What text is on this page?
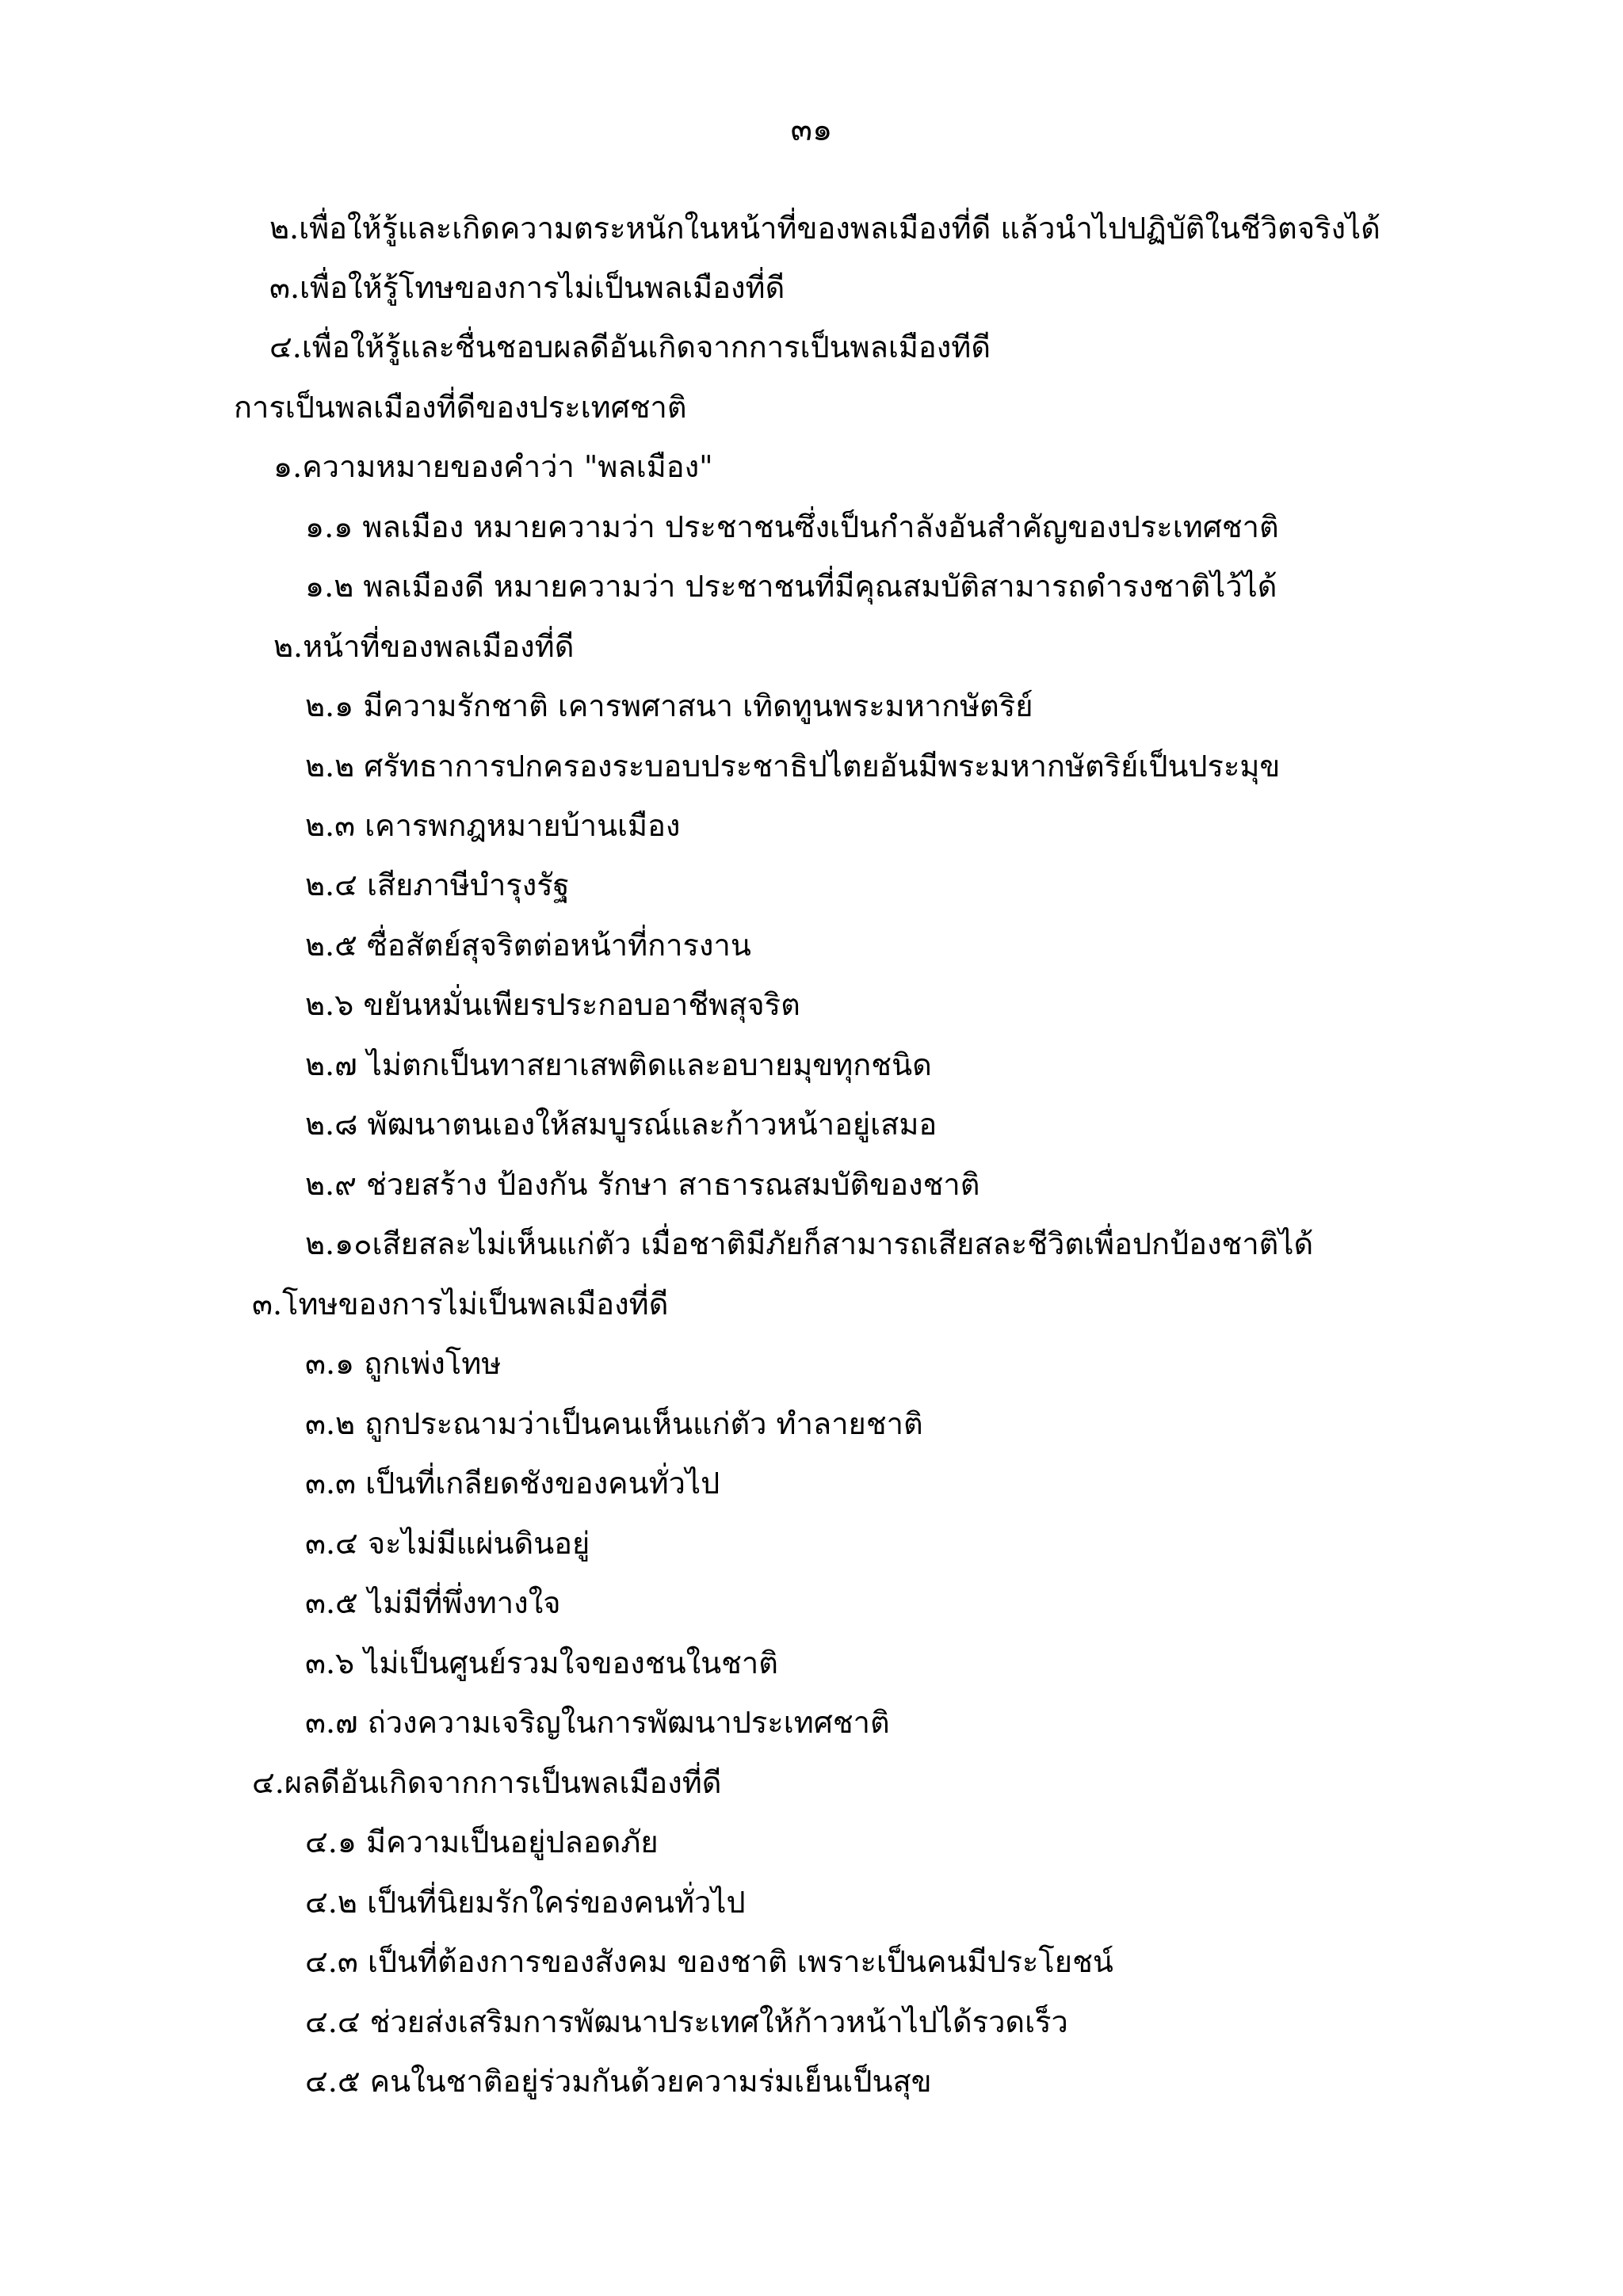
๓๑
๒.เพื่อให้รู้และเกิดความตระหนักในหน้าที่ของพลเมืองที่ดี แล้วนำไปปฏิบัติในชีวิตจริงได้
๓.เพื่อให้รู้โทษของการไม่เป็นพลเมืองที่ดี
๔.เพื่อให้รู้และชื่นชอบผลดีอันเกิดจากการเป็นพลเมืองทีดี
การเป็นพลเมืองที่ดีของประเทศชาติ
๑.ความหมายของคำว่า "พลเมือง"
๑.๑ พลเมือง หมายความว่า ประชาชนซึ่งเป็นกำลังอันสำคัญของประเทศชาติ
๑.๒ พลเมืองดี หมายความว่า ประชาชนที่มีคุณสมบัติสามารถดำรงชาติไว้ได้
๒.หน้าที่ของพลเมืองที่ดี
๒.๑ มีความรักชาติ เคารพศาสนา เทิดทูนพระมหากษัตริย์
๒.๒ ศรัทธาการปกครองระบอบประชาธิปไตยอันมีพระมหากษัตริย์เป็นประมุข
๒.๓ เคารพกฎหมายบ้านเมือง
๒.๔ เสียภาษีบำรุงรัฐ
๒.๕ ซื่อสัตย์สุจริตต่อหน้าที่การงาน
๒.๖ ขยันหมั่นเพียรประกอบอาชีพสุจริต
๒.๗ ไม่ตกเป็นทาสยาเสพติดและอบายมุขทุกชนิด
๒.๘ พัฒนาตนเองให้สมบูรณ์และก้าวหน้าอยู่เสมอ
๒.๙ ช่วยสร้าง ป้องกัน รักษา สาธารณสมบัติของชาติ
๒.๑๐เสียสละไม่เห็นแก่ตัว เมื่อชาติมีภัยก็สามารถเสียสละชีวิตเพื่อปกป้องชาติได้
๓.โทษของการไม่เป็นพลเมืองที่ดี
๓.๑ ถูกเพ่งโทษ
๓.๒ ถูกประณามว่าเป็นคนเห็นแก่ตัว ทำลายชาติ
๓.๓ เป็นที่เกลียดชังของคนทั่วไป
๓.๔ จะไม่มีแผ่นดินอยู่
๓.๕ ไม่มีที่พึ่งทางใจ
๓.๖ ไม่เป็นศูนย์รวมใจของชนในชาติ
๓.๗ ถ่วงความเจริญในการพัฒนาประเทศชาติ
๔.ผลดีอันเกิดจากการเป็นพลเมืองที่ดี
๔.๑ มีความเป็นอยู่ปลอดภัย
๔.๒ เป็นที่นิยมรักใคร่ของคนทั่วไป
๔.๓ เป็นที่ต้องการของสังคม ของชาติ เพราะเป็นคนมีประโยชน์
๔.๔ ช่วยส่งเสริมการพัฒนาประเทศให้ก้าวหน้าไปได้รวดเร็ว
๔.๕ คนในชาติอยู่ร่วมกันด้วยความร่มเย็นเป็นสุข
